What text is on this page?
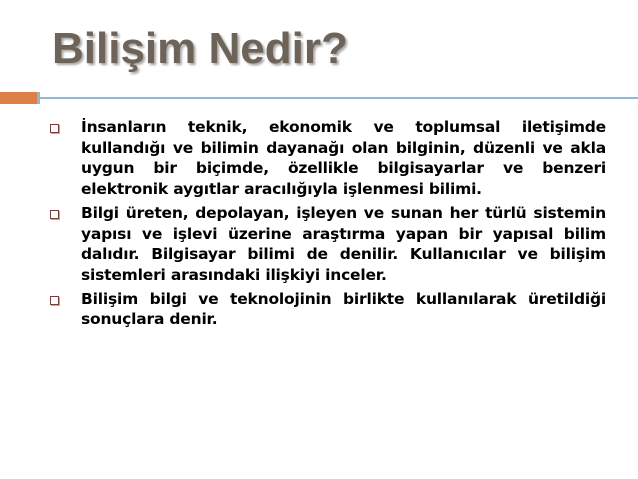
Bilişim Nedir?
İnsanların teknik, ekonomik ve toplumsal iletişimde kullandığı ve bilimin dayanağı olan bilginin, düzenli ve akla uygun bir biçimde, özellikle bilgisayarlar ve benzeri elektronik aygıtlar aracılığıyla işlenmesi bilimi.
Bilgi üreten, depolayan, işleyen ve sunan her türlü sistemin yapısı ve işlevi üzerine araştırma yapan bir yapısal bilim dalıdır. Bilgisayar bilimi de denilir. Kullanıcılar ve bilişim sistemleri arasındaki ilişkiyi inceler.
Bilişim bilgi ve teknolojinin birlikte kullanılarak üretildiği sonuçlara denir.
